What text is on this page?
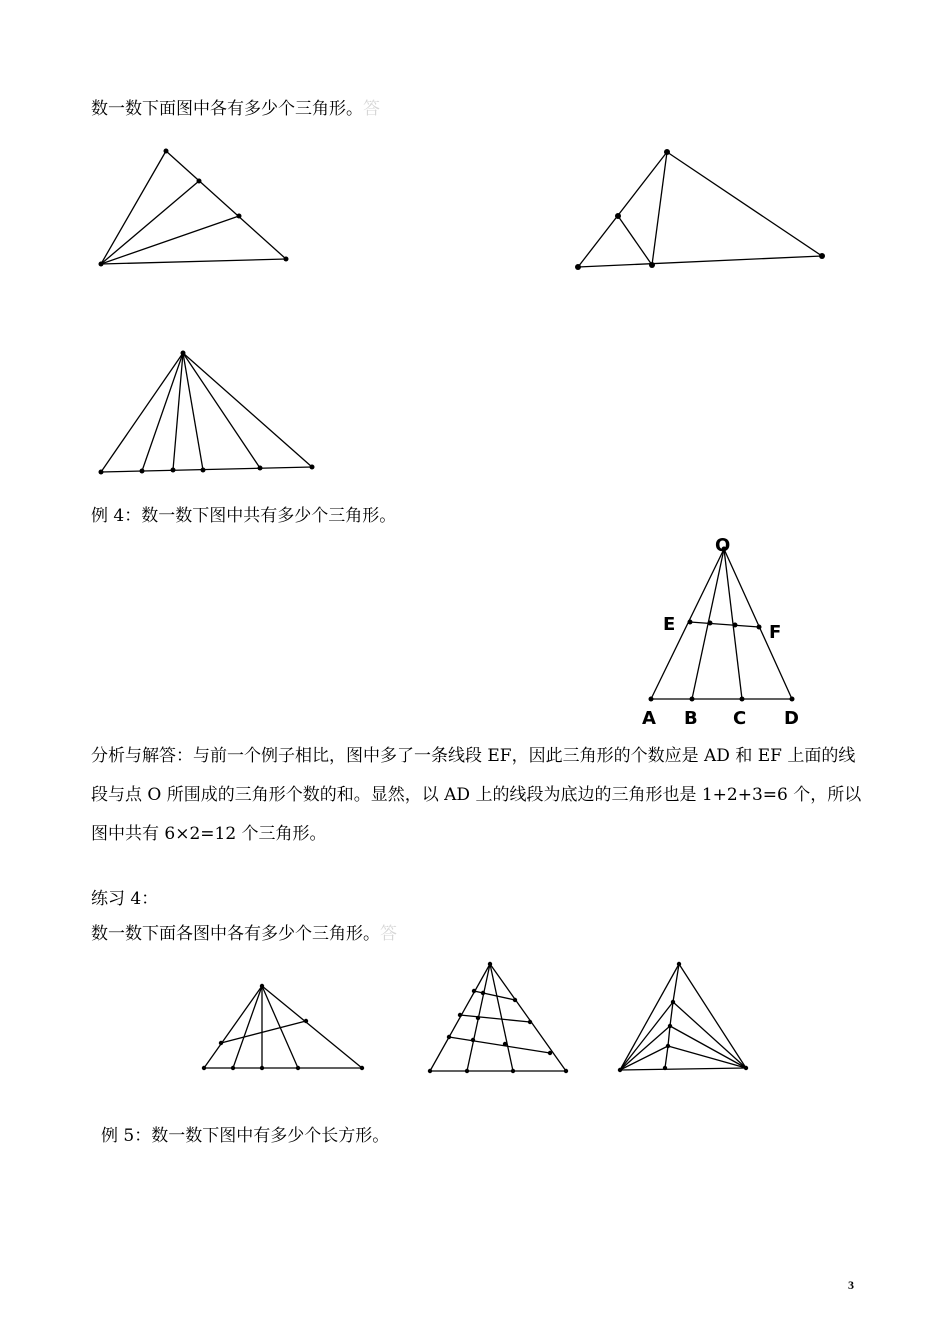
数一数下面图中各有多少个三角形。答
O
E	F
A B C D
例 4：数一数下图中共有多少个三角形。
分析与解答：与前一个例子相比，图中多了一条线段 EF，因此三角形的个数应是 AD 和 EF 上面的线段与点 O 所围成的三角形个数的和。显然，以 AD 上的线段为底边的三角形也是 1+2+3=6 个，所以图中共有 6×2=12 个三角形。
练习 4：
数一数下面各图中各有多少个三角形。答
例 5：数一数下图中有多少个长方形。
3
